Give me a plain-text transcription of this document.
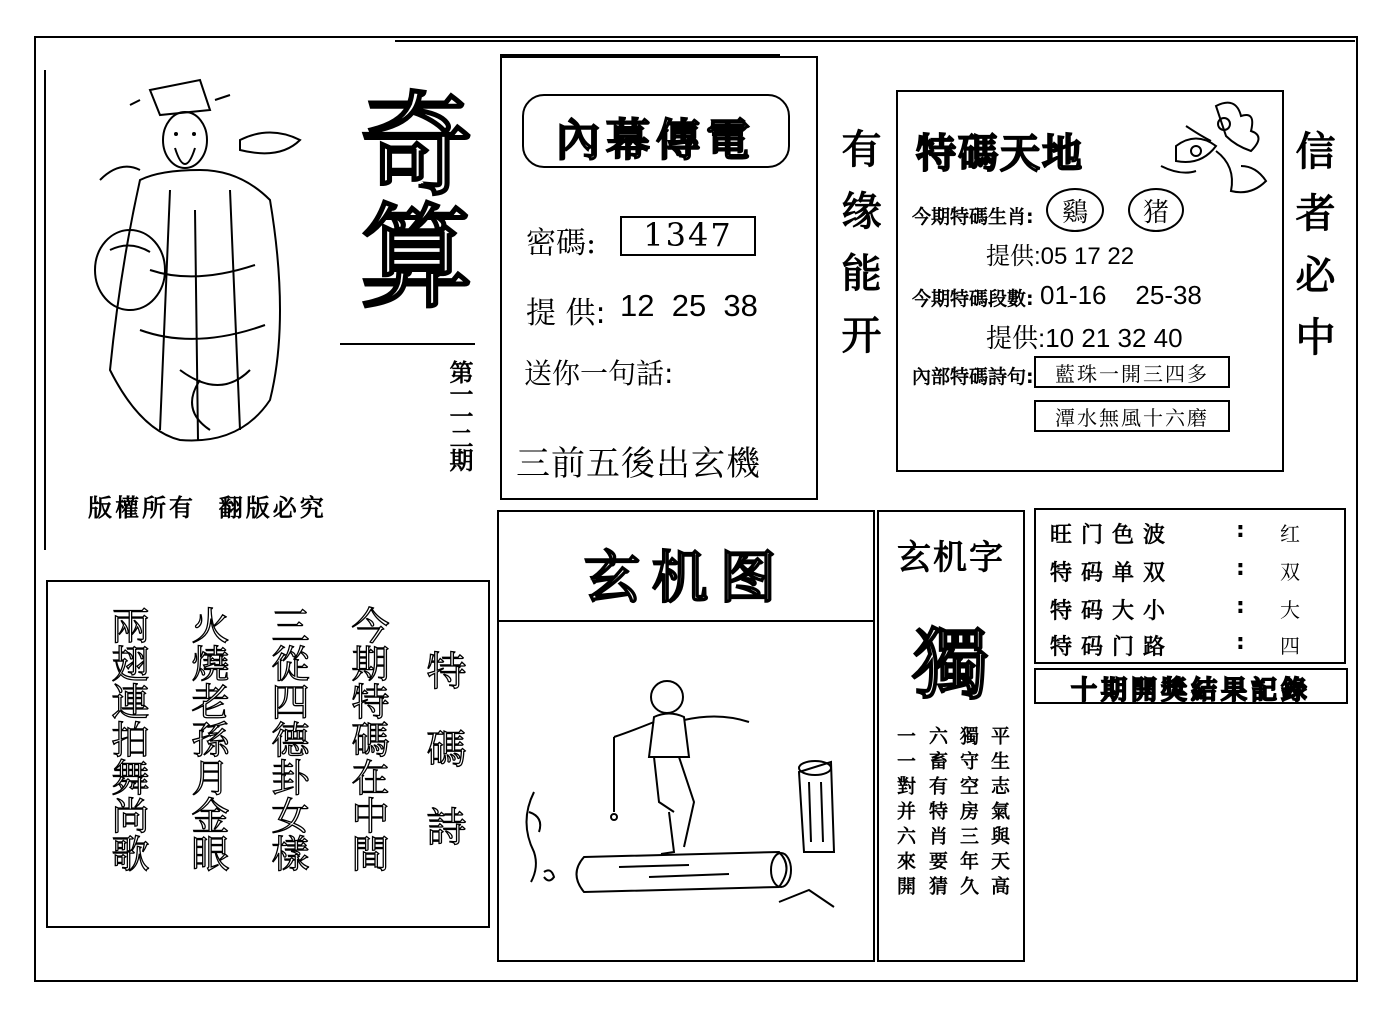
奇算
第一一二期
版權所有  翻版必究
內幕傳電
密碼:	1347
提 供: 12  25  38
送你一句話:
三前五後出玄機
有缘能开 特碼天地
今期特碼生肖: 鷄 猪
提供:05 17 22
今期特碼段數: 01-16    25-38
提供:10 21 32 40
內部特碼詩句:	藍珠一開三四多
潭水無風十六磨
信者必中
玄机图	玄机字
獨
平生志氣與天高
獨守空房三年久
六畜有特肖要猜
一一對并六來開
旺门色波	: 红
特码单双	: 双
特码大小	: 大
特码门路	: 四
十期開獎結果記錄
特碼詩
今期特碼在中間
三從四德卦女樣
火燒老孫月金眼
兩翅連拍舞尚歌
